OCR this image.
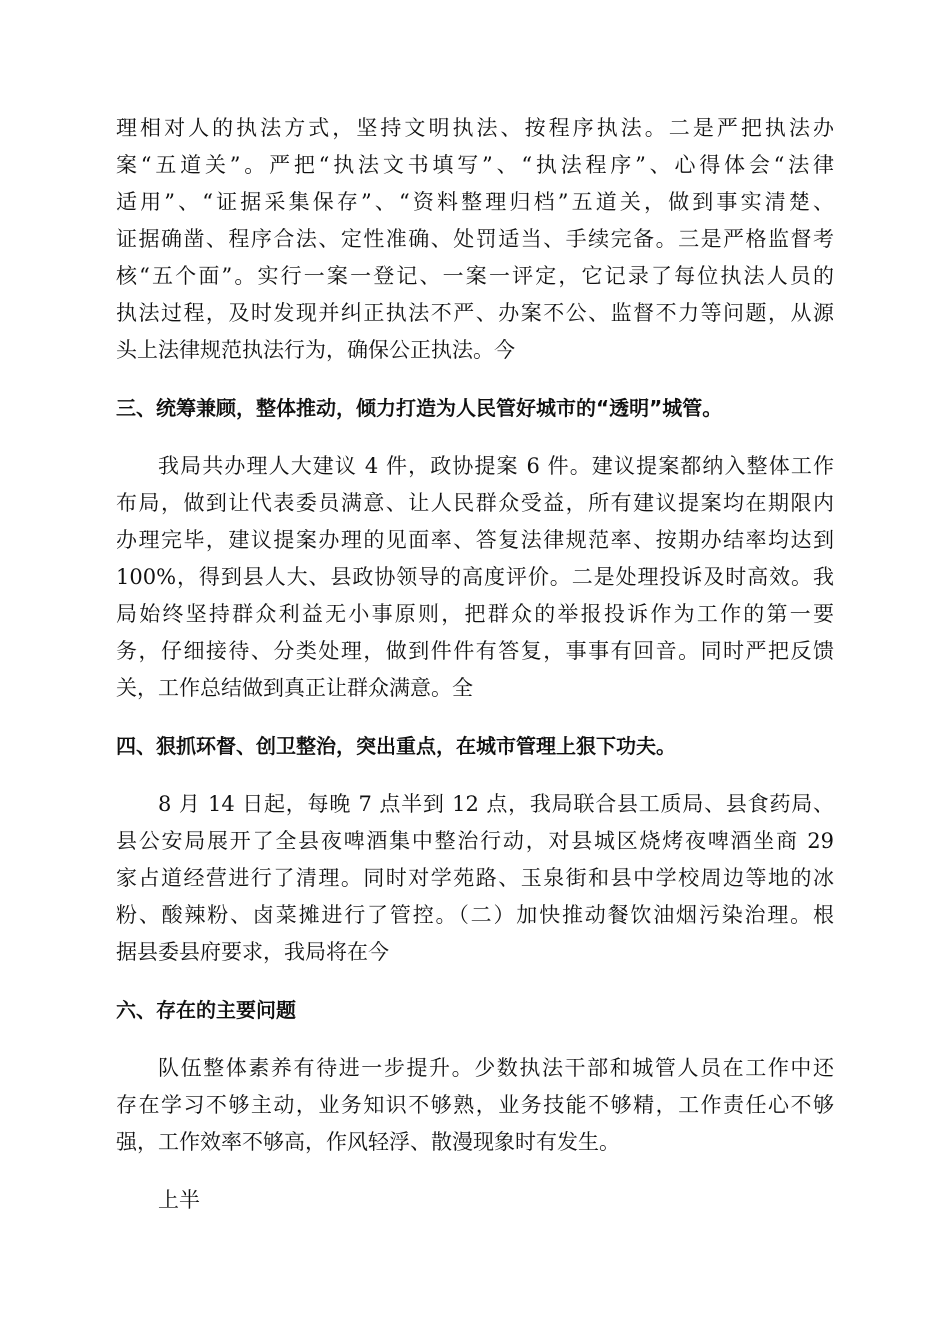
理相对人的执法方式，坚持文明执法、按程序执法。二是严把执法办
案“五道关”。严把“执法文书填写”、“执法程序”、心得体会“法律
适用”、“证据采集保存”、“资料整理归档”五道关，做到事实清楚、
证据确凿、程序合法、定性准确、处罚适当、手续完备。三是严格监督考
核“五个面”。实行一案一登记、一案一评定，它记录了每位执法人员的
执法过程，及时发现并纠正执法不严、办案不公、监督不力等问题，从源
头上法律规范执法行为，确保公正执法。今
三、统筹兼顾，整体推动，倾力打造为人民管好城市的“透明”城管。
我局共办理人大建议 4 件，政协提案 6 件。建议提案都纳入整体工作
布局，做到让代表委员满意、让人民群众受益，所有建议提案均在期限内
办理完毕，建议提案办理的见面率、答复法律规范率、按期办结率均达到
100%，得到县人大、县政协领导的高度评价。二是处理投诉及时高效。我
局始终坚持群众利益无小事原则，把群众的举报投诉作为工作的第一要
务，仔细接待、分类处理，做到件件有答复，事事有回音。同时严把反馈
关，工作总结做到真正让群众满意。全
四、狠抓环督、创卫整治，突出重点，在城市管理上狠下功夫。
8 月 14 日起，每晚 7 点半到 12 点，我局联合县工质局、县食药局、
县公安局展开了全县夜啤酒集中整治行动，对县城区烧烤夜啤酒坐商 29
家占道经营进行了清理。同时对学苑路、玉泉街和县中学校周边等地的冰
粉、酸辣粉、卤菜摊进行了管控。（二）加快推动餐饮油烟污染治理。根
据县委县府要求，我局将在今
六、存在的主要问题
队伍整体素养有待进一步提升。少数执法干部和城管人员在工作中还
存在学习不够主动，业务知识不够熟，业务技能不够精，工作责任心不够
强，工作效率不够高，作风轻浮、散漫现象时有发生。
上半
